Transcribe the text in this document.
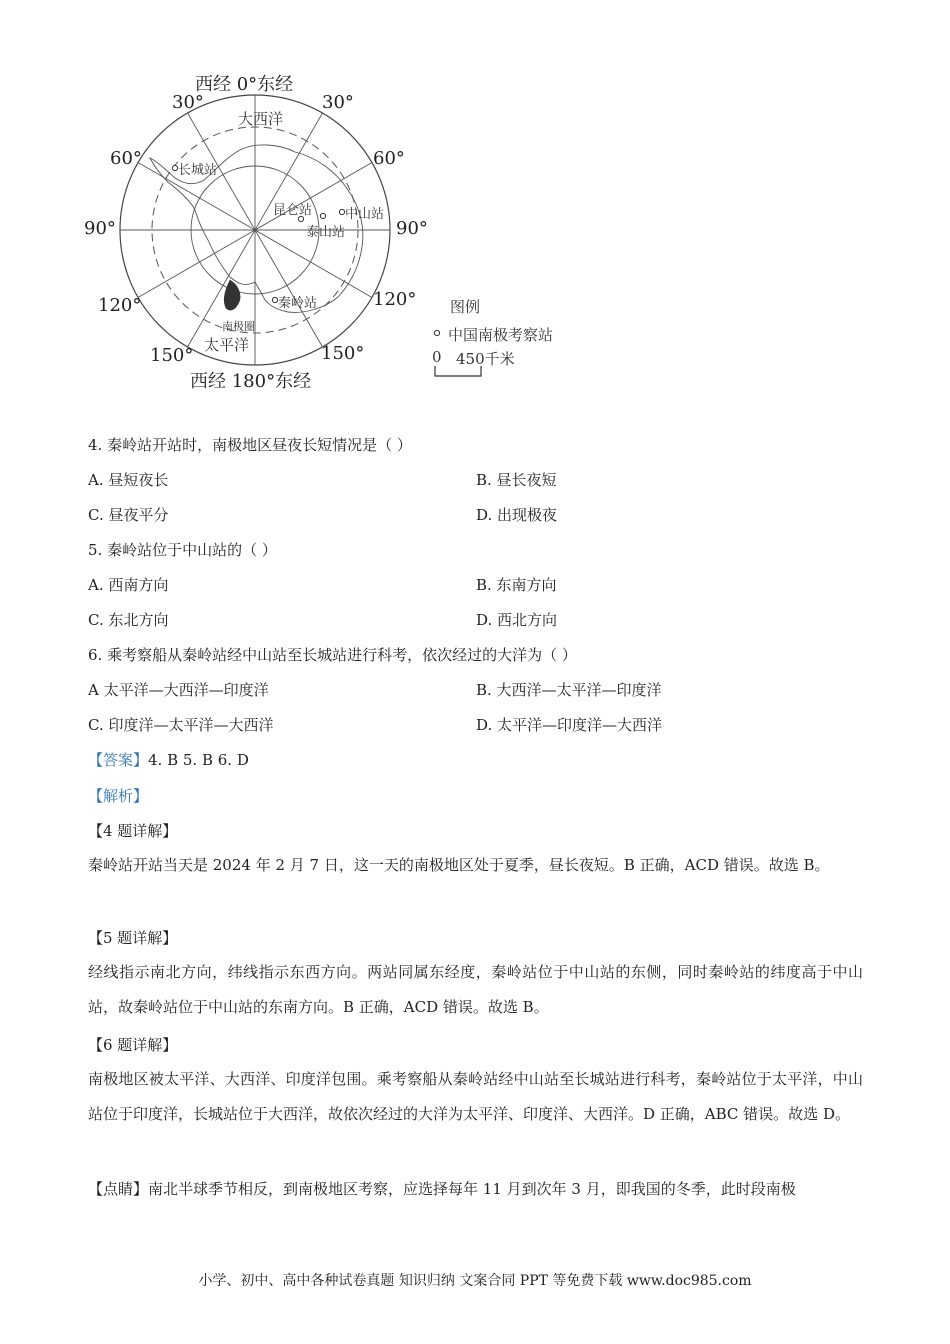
西经 0°东经
西经 180°东经
30°	30°
60°	60°
90°	90°
120°	120°
150°	150°
大西洋
太平洋
南极圈
长城站
昆仑站	中山站
泰山站
秦岭站	图例
中国南极考察站
0 450千米
4. 秦岭站开站时，南极地区昼夜长短情况是（ ）
A. 昼短夜长	B. 昼长夜短
C. 昼夜平分	D. 出现极夜
5. 秦岭站位于中山站的（ ）
A. 西南方向	B. 东南方向
C. 东北方向	D. 西北方向
6. 乘考察船从秦岭站经中山站至长城站进行科考，依次经过的大洋为（ ）
A 太平洋—大西洋—印度洋	B. 大西洋—太平洋—印度洋
C. 印度洋—太平洋—大西洋	D. 太平洋—印度洋—大西洋
【答案】4. B 5. B 6. D
【解析】
【4 题详解】
秦岭站开站当天是 2024 年 2 月 7 日，这一天的南极地区处于夏季，昼长夜短。B 正确，ACD 错误。故选 B。
【5 题详解】
经线指示南北方向，纬线指示东西方向。两站同属东经度，秦岭站位于中山站的东侧，同时秦岭站的纬度高于中山站，故秦岭站位于中山站的东南方向。B 正确，ACD 错误。故选 B。
【6 题详解】
南极地区被太平洋、大西洋、印度洋包围。乘考察船从秦岭站经中山站至长城站进行科考，秦岭站位于太平洋，中山站位于印度洋，长城站位于大西洋，故依次经过的大洋为太平洋、印度洋、大西洋。D 正确，ABC 错误。故选 D。
【点睛】南北半球季节相反，到南极地区考察，应选择每年 11 月到次年 3 月，即我国的冬季，此时段南极
小学、初中、高中各种试卷真题 知识归纳 文案合同 PPT 等免费下载 www.doc985.com
